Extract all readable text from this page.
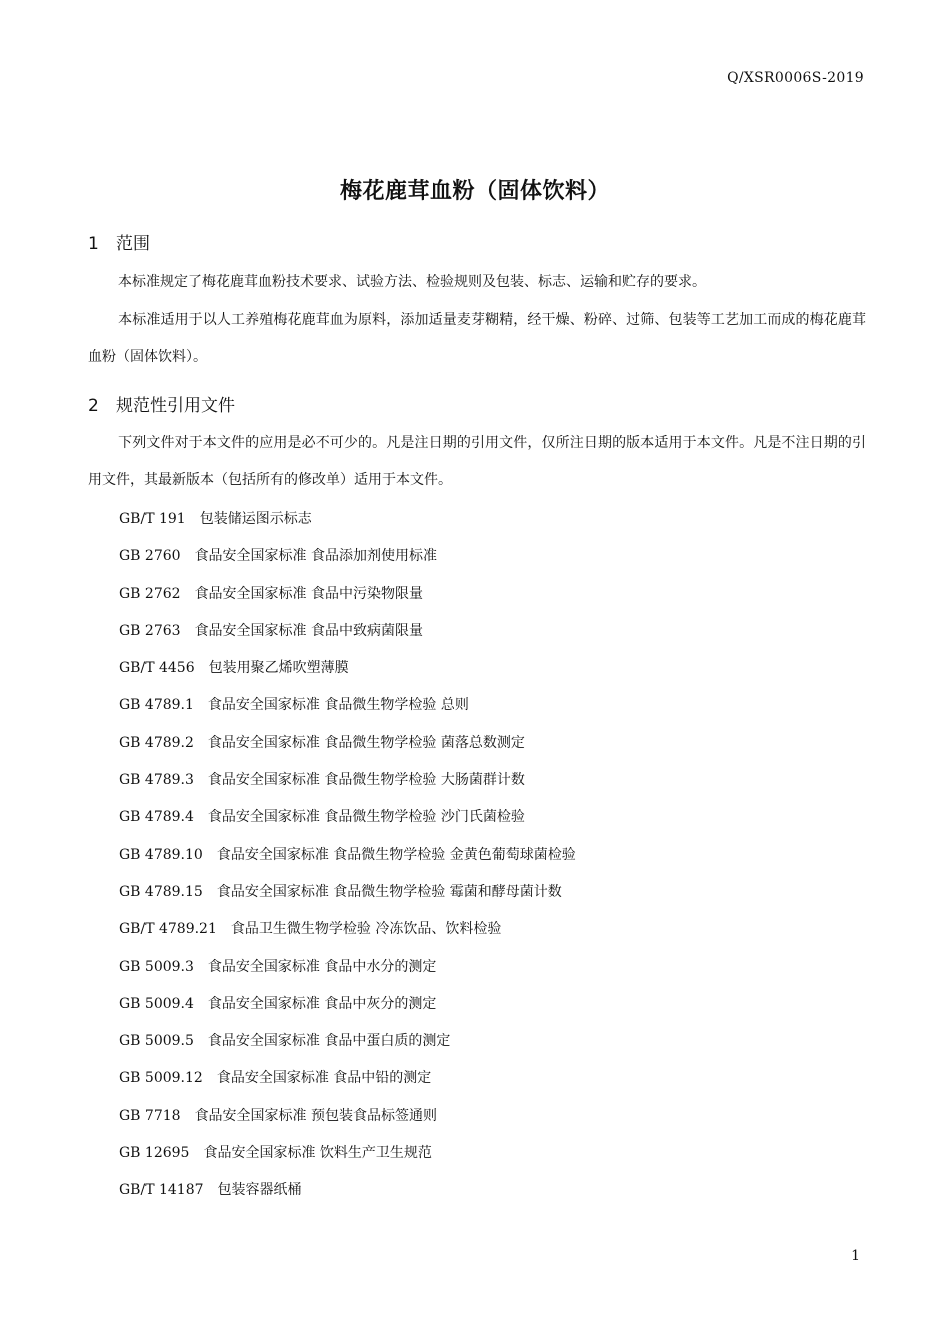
Q/XSR0006S-2019
梅花鹿茸血粉（固体饮料）
1 范围
本标准规定了梅花鹿茸血粉技术要求、试验方法、检验规则及包装、标志、运输和贮存的要求。
本标准适用于以人工养殖梅花鹿茸血为原料，添加适量麦芽糊精，经干燥、粉碎、过筛、包装等工艺加工而成的梅花鹿茸血粉（固体饮料）。
2 规范性引用文件
下列文件对于本文件的应用是必不可少的。凡是注日期的引用文件，仅所注日期的版本适用于本文件。凡是不注日期的引用文件，其最新版本（包括所有的修改单）适用于本文件。
GB/T 191 包装储运图示标志
GB 2760 食品安全国家标准 食品添加剂使用标准
GB 2762 食品安全国家标准 食品中污染物限量
GB 2763 食品安全国家标准 食品中致病菌限量
GB/T 4456 包装用聚乙烯吹塑薄膜
GB 4789.1 食品安全国家标准 食品微生物学检验 总则
GB 4789.2 食品安全国家标准 食品微生物学检验 菌落总数测定
GB 4789.3 食品安全国家标准 食品微生物学检验 大肠菌群计数
GB 4789.4 食品安全国家标准 食品微生物学检验 沙门氏菌检验
GB 4789.10 食品安全国家标准 食品微生物学检验 金黄色葡萄球菌检验
GB 4789.15 食品安全国家标准 食品微生物学检验 霉菌和酵母菌计数
GB/T 4789.21 食品卫生微生物学检验 冷冻饮品、饮料检验
GB 5009.3 食品安全国家标准 食品中水分的测定
GB 5009.4 食品安全国家标准 食品中灰分的测定
GB 5009.5 食品安全国家标准 食品中蛋白质的测定
GB 5009.12 食品安全国家标准 食品中铅的测定
GB 7718 食品安全国家标准 预包装食品标签通则
GB 12695 食品安全国家标准 饮料生产卫生规范
GB/T 14187 包装容器纸桶
1
